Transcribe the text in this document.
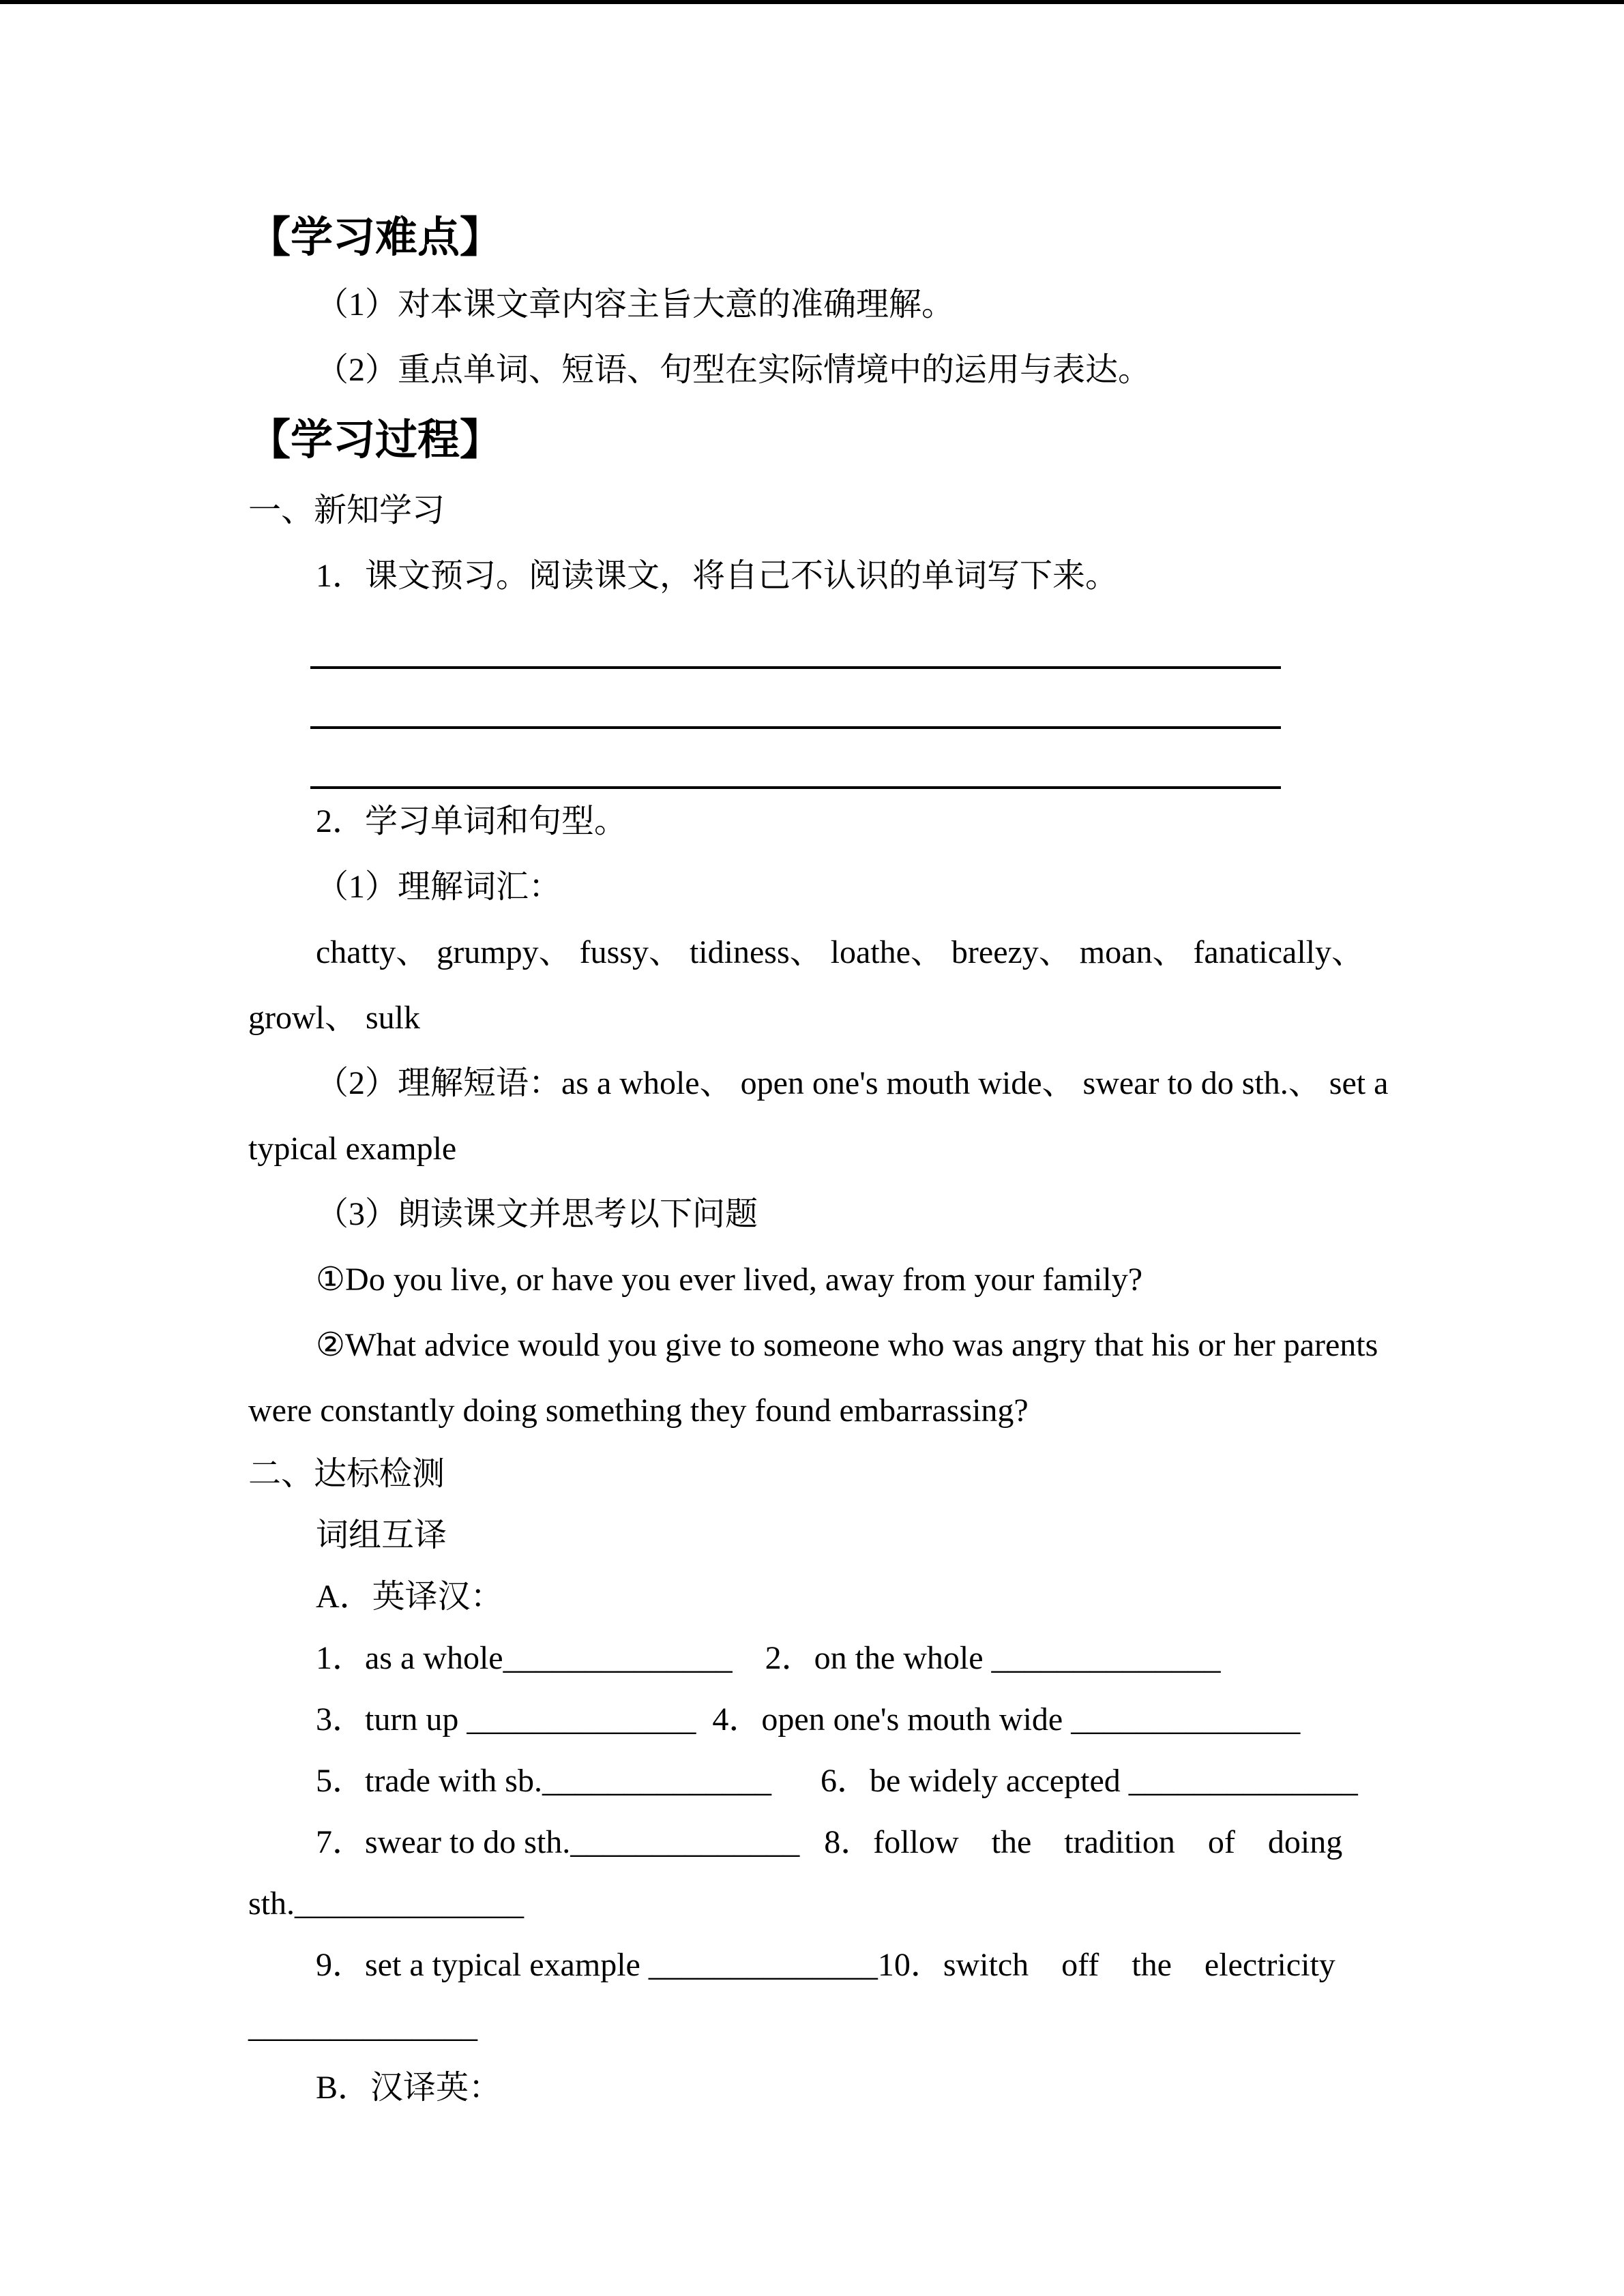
【学习难点】
（1）对本课文章内容主旨大意的准确理解。
（2）重点单词、短语、句型在实际情境中的运用与表达。
【学习过程】
一、新知学习
1．课文预习。阅读课文，将自己不认识的单词写下来。
2．学习单词和句型。
（1）理解词汇：
chatty、 grumpy、 fussy、 tidiness、 loathe、 breezy、 moan、 fanatically、
growl、 sulk
（2）理解短语：as a whole、 open one's mouth wide、 swear to do sth.、 set a
typical example
（3）朗读课文并思考以下问题
①Do you live, or have you ever lived, away from your family?
②What advice would you give to someone who was angry that his or her parents
were constantly doing something they found embarrassing?
二、达标检测
词组互译
A．英译汉：
1．as a whole______________    2．on the whole ______________
3．turn up ______________  4．open one's mouth wide ______________
5．trade with sb.______________      6．be widely accepted ______________
7．swear to do sth.______________   8．follow    the    tradition    of    doing
sth.______________
9．set a typical example ______________10．switch    off    the    electricity
______________
B．汉译英：
